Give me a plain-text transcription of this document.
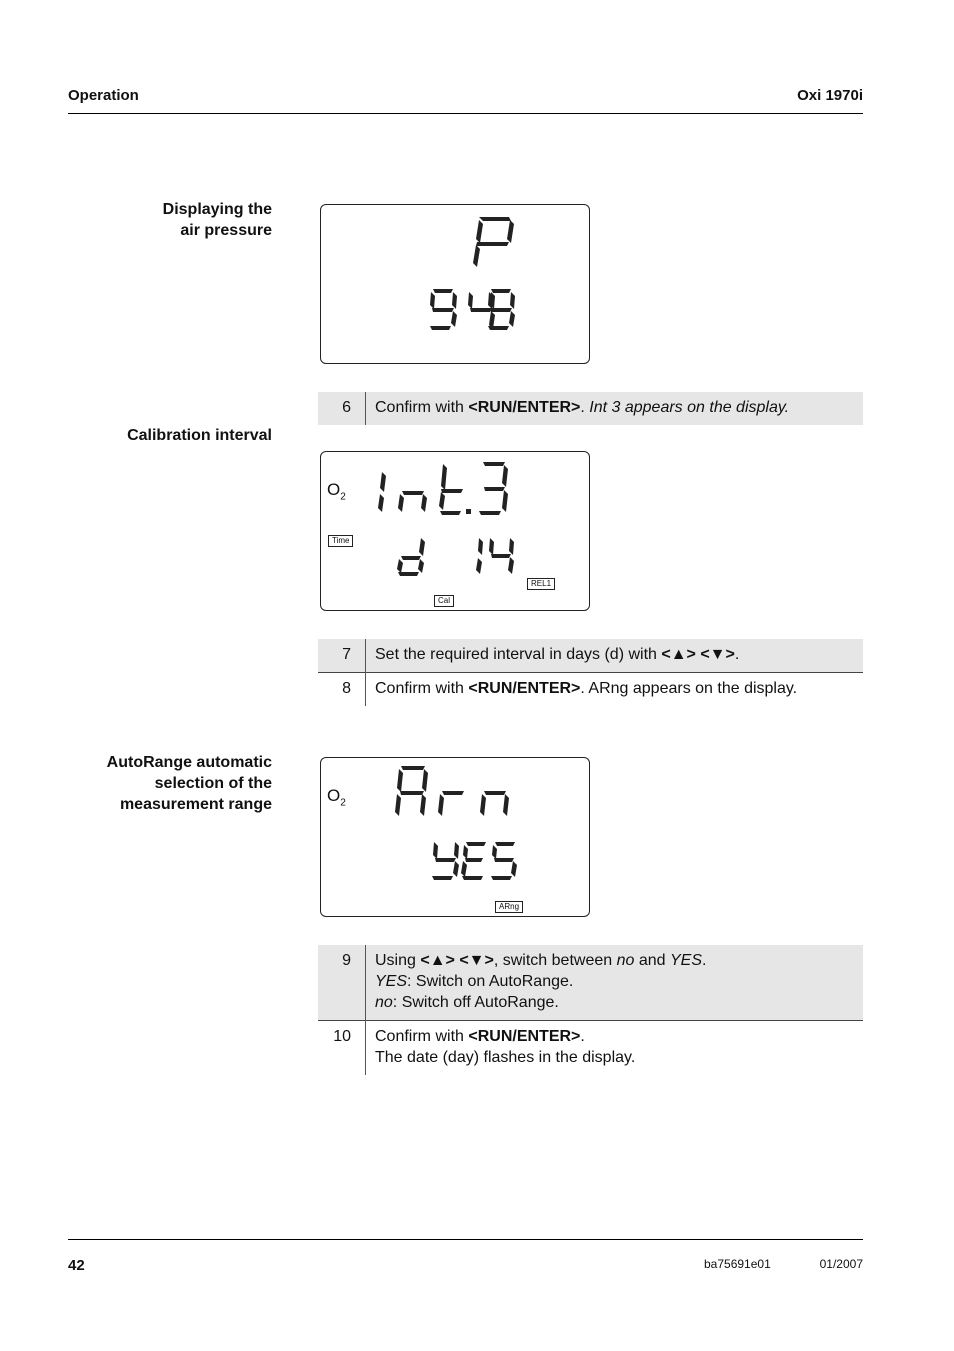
Operation	Oxi 1970i
Displaying the
air pressure
6	Confirm with <RUN/ENTER>. Int 3 appears on the display.
Calibration interval
$O_2$
Time
REL1
Cal
7	Set the required interval in days (d) with <▲> <▼>.
8	Confirm with <RUN/ENTER>. ARng appears on the display.
AutoRange automatic
selection of the
measurement range	$O_2$
ARng
9	Using <▲> <▼>, switch between no and YES.
YES: Switch on AutoRange.
no: Switch off AutoRange.

10	Confirm with <RUN/ENTER>.
The date (day) flashes in the display.
42	ba75691e01	01/2007
